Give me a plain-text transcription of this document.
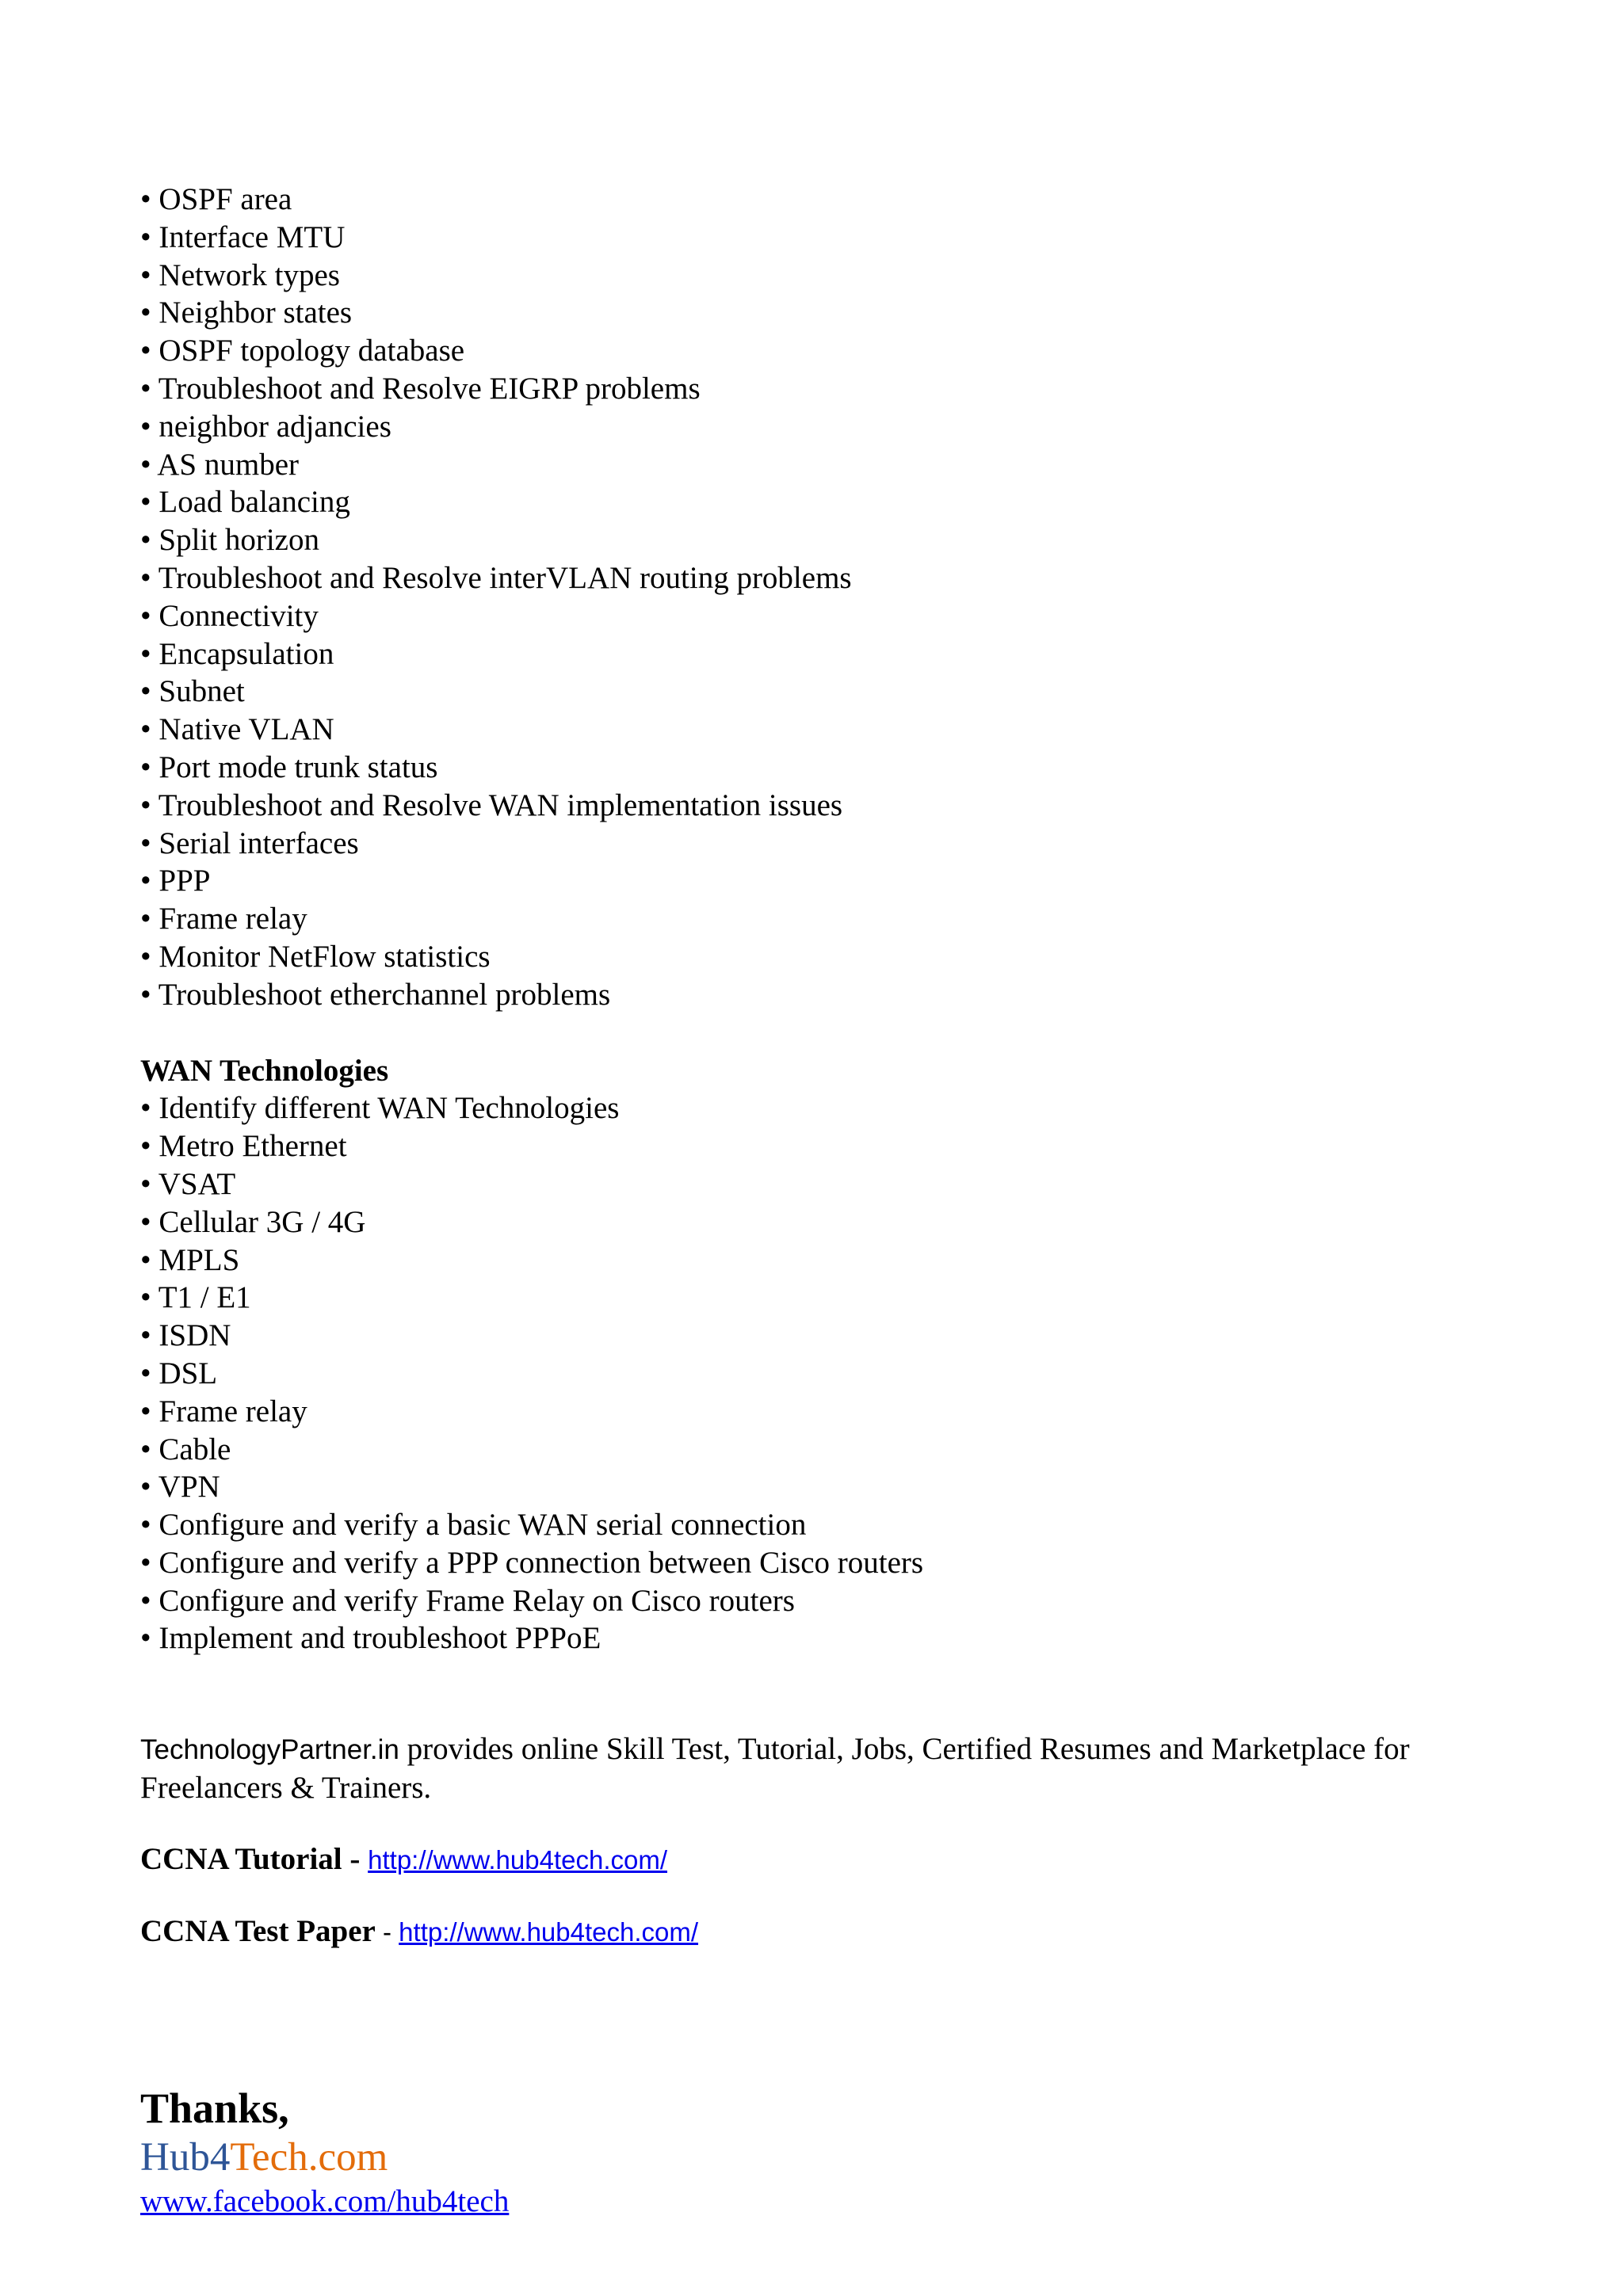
• OSPF area
• Interface MTU
• Network types
• Neighbor states
• OSPF topology database
• Troubleshoot and Resolve EIGRP problems
• neighbor adjancies
• AS number
• Load balancing
• Split horizon
• Troubleshoot and Resolve interVLAN routing problems
• Connectivity
• Encapsulation
• Subnet
• Native VLAN
• Port mode trunk status
• Troubleshoot and Resolve WAN implementation issues
• Serial interfaces
• PPP
• Frame relay
• Monitor NetFlow statistics
• Troubleshoot etherchannel problems
WAN Technologies
• Identify different WAN Technologies
• Metro Ethernet
• VSAT
• Cellular 3G / 4G
• MPLS
• T1 / E1
• ISDN
• DSL
• Frame relay
• Cable
• VPN
• Configure and verify a basic WAN serial connection
• Configure and verify a PPP connection between Cisco routers
• Configure and verify Frame Relay on Cisco routers
• Implement and troubleshoot PPPoE
TechnologyPartner.in provides online Skill Test, Tutorial, Jobs, Certified Resumes and Marketplace for Freelancers & Trainers.
CCNA Tutorial - http://www.hub4tech.com/
CCNA Test Paper - http://www.hub4tech.com/
Thanks,
Hub4Tech.com
www.facebook.com/hub4tech
